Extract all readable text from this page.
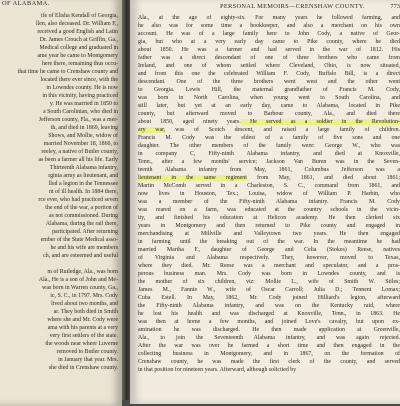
OF ALABAMA.
ife of Elisha Kendall of Georgia,
llen, also deceased. Dr. William F.,
received a good English and Latin
Dr. James Crouch at Griffin, Ga.,
Medical college and graduated in
ame year he came to Montgomery
here there, remaining thus occu-
that time he came to Crenshaw county and
located there ever since, with the
in Lowndes county. He is now
in this vicinity, having practiced
y. He was married in 1850 to
a South Carolinian, who died in
Jefferson county, Fla., was a mer-
th, and died in 1869, leaving
Shows, and Mollie, widow of
married November 18, 1860, to
reeley, a native of Butler county,
as been a farmer all his life. Early
Thirteenth Alabama infantry,
rginia army as lieutenant, and
lled a legion in the Tennessee
nt of ill health. In 1884 there,
rce ever, who had practiced seven
the end of the war, a portion of
as not commissioned. During
Alabama, during the rail there,
participated. After returning
ember of the State Medical asso-
he and his wife are members
ch, and are esteemed and useful

m of Rutledge, Ala., was born
Ala., He is a son of John and Me-
was born in Warren county, Ga.,
ic, S. C., in 1797. Mrs. Cody
lived about two months, and
ar. They both died in Smith
where she and Mr. Cody were
ama with his parents at a very
very first settlers of the state.
the woods near where Luverne
removed to Butler county.
in January that year. Mrs.
she died in Crenshaw county.
PERSONAL MEMOIRS—CRENSHAW COUNTY.	773
Ala., at the age of eighty-six. For many years he followed farming, and
he also was for some time a bookkeeper, and also a merchant on his own
account. He was of a large family here to John Cody, a native of Geor-
gia, but who at a very early day came to Pike county, where he died
about 1850. He was a farmer and had served in the war of 1812. His
father was a direct descendant of one of three brothers who came from
Ireland, and one of whom settled where Cleveland, Ohio, is now situated,
and from this one the celebrated William F. Cody, Buffalo Bill, is a direct
descendant. One of the three brothers went west and the other went
to Georgia. Lewis Hill, the maternal grandfather of Francis M. Cody,
was born in North Carolina, when young went to South Carolina, and
still later, but yet at an early day, came to Alabama, located in Pike
county, but afterward moved to Barbour county, Ala., and died there
about 1850, aged ninety years. He served as a soldier in the Revolution-
ary war, was of Scotch descent, and raised a large family of children.
Francis M. Cody was the eldest of a family of five sons and one
daughter. The other members of the family were: George W., who was
in company C, Fifty-ninth Alabama infantry, and died at Knoxville,
Tenn., after a few months' service; Jackson Van Buren was in the Seven-
teenth Alabama infantry from May, 1861, Columbus Jefferson was a
lieutenant in the same regiment from May, 1861, and died about 1861;
Martin McComb served in a Charleston, S. C., command from 1861, and
now lives in Houston, Tex.; Louisa, widow of William P. Harbin, who
was a member of the Fifty-ninth Alabama infantry. Francis M. Cody
was reared on a farm, was educated at the country schools in the vicin-
ity, and finished his education at Helicon academy. He then clerked six
years in Montgomery and then returned to Pike county and engaged in
merchandising at Millville and Valleytown two years. He then engaged
in farming until the breaking out of the war. In the meantime he had
married Martha F., daughter of George and Celia (Stokes) Reese, natives
of Virginia and Alabama respectively. They, however, moved to Texas,
where they died. Mr. Reese was a merchant and speculator, and a pros-
perous business man. Mrs. Cody was born in Lowndes county, and is
the mother of six children, viz: Mollie L., wife of Smith W. Stiles;
James M., Fannie W., wife of Oscar Carroll; Julia D.; Tennent Lomax;
Cuba Estell. In May, 1862, Mr. Cody joined Hilliard's legion, afterward
the Fifty-ninth Alabama infantry, and was on the Kentucky raid, where
he lost his health and was discharged at Knoxville, Tenn., in 1863. He
was then at home a few months, and joined Love's cavalry, but upon ex-
amination he was discharged. He then made application at Greenville,
Ala., to join the Seventeenth Alabama infantry, and was again rejected.
After the war was over he farmed a short time and then engaged in the
collecting business in Montgomery, and in 1867, on the formation of
Crenshaw county, he was made the first clerk of the county, and served
in that position for nineteen years. Afterward, although solicited by
